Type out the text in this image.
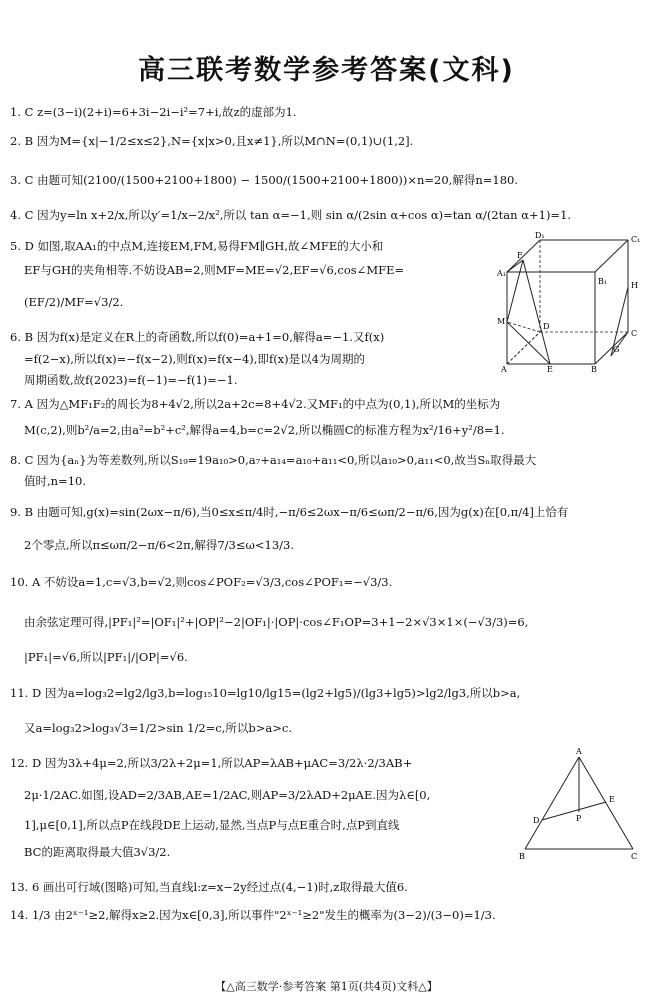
高三联考数学参考答案(文科)
1. C z=(3−i)(2+i)=6+3i−2i−i²=7+i,故z的虚部为1.
2. B 因为M={x|−1/2≤x≤2},N={x|x>0,且x≠1},所以M∩N=(0,1)∪(1,2].
3. C 由题可知(2100/(1500+2100+1800) − 1500/(1500+2100+1800))×n=20,解得n=180.
4. C 因为y=ln x+2/x,所以y′=1/x−2/x²,所以 tan α=−1,则 sin α/(2sin α+cos α)=tan α/(2tan α+1)=1.
5. D 如图,取AA₁的中点M,连接EM,FM,易得FM∥GH,故∠MFE的大小和
EF与GH的夹角相等.不妨设AB=2,则MF=ME=√2,EF=√6,cos∠MFE=
(EF/2)/MF=√3/2.
6. B 因为f(x)是定义在R上的奇函数,所以f(0)=a+1=0,解得a=−1.又f(x)
=f(2−x),所以f(x)=−f(x−2),则f(x)=f(x−4),即f(x)是以4为周期的
周期函数,故f(2023)=f(−1)=−f(1)=−1.
7. A 因为△MF₁F₂的周长为8+4√2,所以2a+2c=8+4√2.又MF₁的中点为(0,1),所以M的坐标为
M(c,2),则b²/a=2,由a²=b²+c²,解得a=4,b=c=2√2,所以椭圆C的标准方程为x²/16+y²/8=1.
8. C 因为{aₙ}为等差数列,所以S₁₉=19a₁₀>0,a₇+a₁₄=a₁₀+a₁₁<0,所以a₁₀>0,a₁₁<0,故当Sₙ取得最大
值时,n=10.
9. B 由题可知,g(x)=sin(2ωx−π/6),当0≤x≤π/4时,−π/6≤2ωx−π/6≤ωπ/2−π/6,因为g(x)在[0,π/4]上恰有
2个零点,所以π≤ωπ/2−π/6<2π,解得7/3≤ω<13/3.
10. A 不妨设a=1,c=√3,b=√2,则cos∠POF₂=√3/3,cos∠POF₁=−√3/3.
由余弦定理可得,|PF₁|²=|OF₁|²+|OP|²−2|OF₁|·|OP|·cos∠F₁OP=3+1−2×√3×1×(−√3/3)=6,
|PF₁|=√6,所以|PF₁|/|OP|=√6.
11. D 因为a=log₃2=lg2/lg3,b=log₁₅10=lg10/lg15=(lg2+lg5)/(lg3+lg5)>lg2/lg3,所以b>a,
又a=log₃2>log₃√3=1/2>sin 1/2=c,所以b>a>c.
12. D 因为3λ+4μ=2,所以3/2λ+2μ=1,所以AP=λAB+μAC=3/2λ·2/3AB+
2μ·1/2AC.如图,设AD=2/3AB,AE=1/2AC,则AP=3/2λAD+2μAE.因为λ∈[0,
1],μ∈[0,1],所以点P在线段DE上运动,显然,当点P与点E重合时,点P到直线
BC的距离取得最大值3√3/2.
13. 6 画出可行域(图略)可知,当直线l:z=x−2y经过点(4,−1)时,z取得最大值6.
14. 1/3 由2ˣ⁻¹≥2,解得x≥2.因为x∈[0,3],所以事件"2ˣ⁻¹≥2"发生的概率为(3−2)/(3−0)=1/3.
D₁	C₁
A₁
B₁
F
H
M
D
C
G
A	E	B
A
E
D	P
B	C
【△高三数学·参考答案 第1页(共4页)文科△】
